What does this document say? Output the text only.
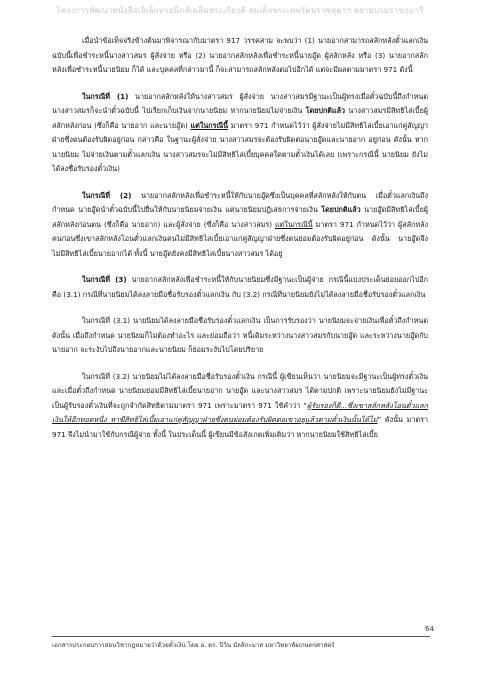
โครงการพัฒนาหนังสือเอิเล็กทรอนิกส์เฉลิมพระเกียรติ สมเด็จพระเทพรัตนราชสุดาฯ สยามบรมราชกุมารี

เมื่อนำข้อเท็จจริงข้างต้นมาพิจารณากับมาตรา 917 วรรคสาม จะพบว่า (1) นายอากสามารถสลักหลังตั๋วแลกเงินฉบับนี้เพื่อชำระหนี้นางสาวสมร ผู้สั่งจ่าย หรือ (2) นายอากสลักหลังเพื่อชำระหนี้นายอู๊ด ผู้สลักหลัง หรือ (3) นายอากสลักหลังเพื่อชำระหนี้นายนิยม ก็ได้ และบุคคลที่กล่าวมานี้ ก็จะสามารถสลักหลังต่อไปอีกได้ แต่จะมีผลตามมาตรา 971 ดังนี้

ในกรณีที่ (1) นายอากสลักหลังให้นางสาวสมร ผู้สั่งจ่าย นางสาวสมรมีฐานะเป็นผู้ทรงเมื่อตั๋วฉบับนี้ถึงกำหนด นางสาวสมรก็จะนำตั๋วฉบับนี้ ไปเรียกเก็บเงินจากนายนิยม หากนายนิยมไม่จ่ายเงิน โดยปกติแล้ว นางสาวสมรมีสิทธิไล่เบี้ยผู้สลักหลังก่อน (ซึ่งก็คือ นายอาก และนายอู๊ด) แต่ในกรณีนี้ มาตรา 971 กำหนดไว้ว่า ผู้สั่งจ่ายไม่มีสิทธิไล่เบี้ยเอาแก่คู่สัญญาฝ่ายซึ่งตนต้องรับผิดอยู่ก่อน กล่าวคือ ในฐานะผู้สั่งจ่าย นางสาวสมรจะต้องรับผิดต่อนายอู๊ดและนายอาก อยู่ก่อน ดังนั้น หากนายนิยม ไม่จ่ายเงินตามตั๋วแลกเงิน นางสาวสมรจะไม่มีสิทธิไล่เบี้ยบุคคลใดตามตั๋วเงินได้เลย (เพราะกรณีนี้ นายนิยม ยังไม่ได้ลงชื่อรับรองตั๋วเงิน)

ในกรณีที่ (2) นายอากสลักหลังเพื่อชำระหนี้ให้กับนายอู๊ดซึ่งเป็นบุคคลที่สลักหลังให้กับตน เมื่อตั๋วแลกเงินถึงกำหนด นายอู๊ดนำตั๋วฉบับนี้ไปยื่นให้กับนายนิยมจ่ายเงิน แต่นายนิยมปฏิเสธการจ่ายเงิน โดยปกติแล้ว นายอู๊ดมีสิทธิไล่เบี้ยผู้สลักหลังก่อนตน (ซึ่งก็คือ นายอาก) และผู้สั่งจ่าย (ซึ่งก็คือ นางสาวสมร) แต่ในกรณีนี้ มาตรา 971 กำหนดไว้ว่า ผู้สลักหลังคนก่อนซึ่งเขาสลักหลังโอนตั๋วแลกเงินคนไม่มีสิทธิไล่เบี้ยเอาแก่คู่สัญญาฝ่ายซึ่งตนย่อมต้องรับผิดอยู่ก่อน ดังนั้น นายอู๊ดจึงไม่มีสิทธิไล่เบี้ยนายอากได้ ทั้งนี้ นายอู๊ดยังคงมีสิทธิไล่เบี้ยนางสาวสมร ได้อยู่

ในกรณีที่ (3) นายอากสลักหลังเพื่อชำระหนี้ให้กับนายนิยมซึ่งมีฐานะเป็นผู้จ่าย กรณีนี้แบ่งประเด็นย่อยออกไปอีก คือ (3.1) กรณีที่นายนิยมได้ลงลายมือชื่อรับรองตั๋วแลกเงิน กับ (3.2) กรณีที่นายนิยมยังไม่ได้ลงลายมือชื่อรับรองตั๋วแลกเงิน

ในกรณีที่ (3.1) นายนิยมได้ลงลายมือชื่อรับรองตั๋วแลกเงิน เป็นการรับรองว่า นายนิยมจะจ่ายเงินเพื่อตั๋วถึงกำหนด ดังนั้น เมื่อถึงกำหนด นายนิยมก็ไม่ต้องทำอะไร และย่อมถือว่า หนี้เดิมระหว่างนางสาวสมรกับนายอู๊ด และระหว่างนายอู๊ดกับนายอาก จะระงับไปถึงนายอากและนายนิยม ก็ย่อมระงับไปโดยปริยาย

ในกรณีที่ (3.2) นายนิยมไม่ได้ลงลายมือชื่อรับรองตั๋วเงิน กรณีนี้ ผู้เขียนเห็นว่า นายนิยมจะมีฐานะเป็นผู้ทรงตั๋วเงิน และเมื่อตั๋วถึงกำหนด นายนิยมย่อมมีสิทธิไล่เบี้ยนายอาก นายอู๊ด และนางสาวสมร ได้ตามปกติ เพราะนายนิยมยังไม่มีฐานะเป็นผู้รับรองตั๋วเงินที่จะถูกจำกัดสิทธิตามมาตรา 971 เพราะมาตรา 971 ใช้คำว่า “ผู้รับรองก็ดี...ซึ่งเขาสลักหลังโอนตั๋วแลกเงินให้อีกทอดหนึ่ง หาฆีสิทธิไล่เบี้ยเอาแก่คู่สัญญาฝ่ายซึ่งตนย่อมต้องรับผิดต่อเขาอยู่แล้วตามตั๋วเงินนั้นได้ไม่” ดังนั้น มาตรา 971 จึงไม่นำมาใช้กับกรณีผู้จ่าย ทั้งนี้ ในประเด็นนี้ ผู้เขียนมีข้อสังเกตเพิ่มเติมว่า หากนายนิยมใช้สิทธิไล่เบี้ย

64
เอกสารประกอบการสอนวิชากฎหมายว่าด้วยตั๋วเงิน โดย อ. ดร. ปิวิน มัลลิกะมาส มหาวิทยาลัยเกษตรศาสตร์
